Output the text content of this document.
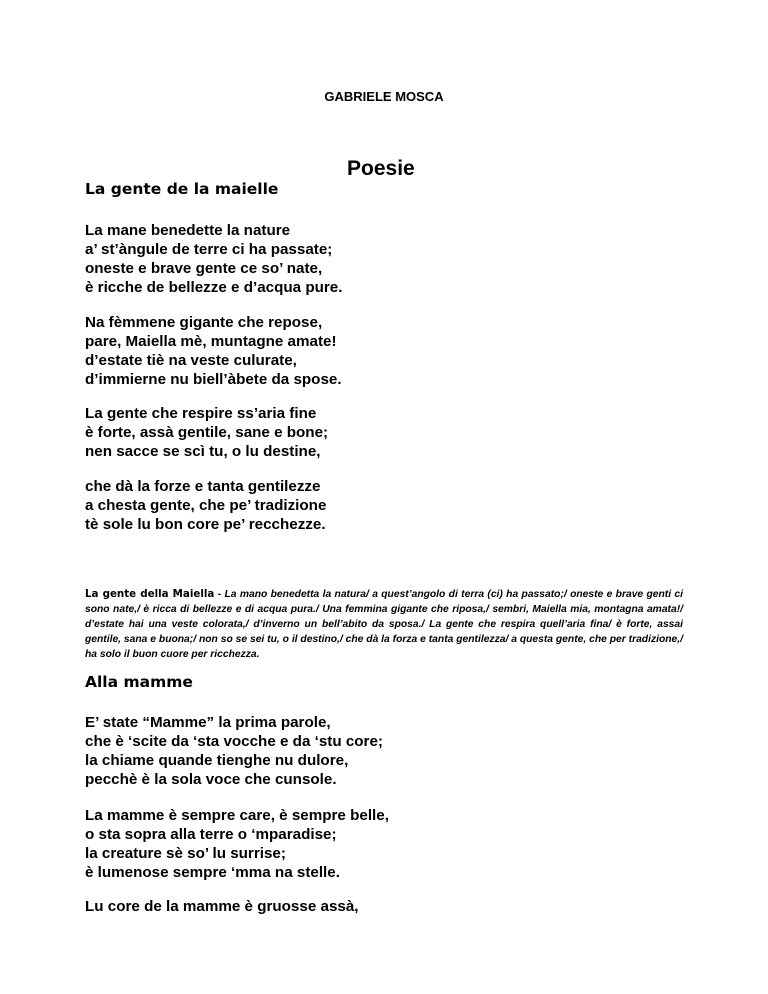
GABRIELE MOSCA
Poesie
La gente de la maielle
La mane benedette la nature
a’ st’àngule de terre ci ha passate;
oneste e brave gente ce so’ nate,
è ricche de bellezze e d’acqua pure.
Na fèmmene gigante che repose,
pare, Maiella mè, muntagne amate!
d’estate tiè na veste culurate,
d’immierne nu biell’àbete da spose.
La gente che respire ss’aria fine
è forte, assà gentile, sane e bone;
nen sacce se scì tu, o lu destine,
che dà la forze e tanta gentilezze
a chesta gente, che pe’ tradizione
tè sole lu bon core pe’ recchezze.
La gente della Maiella - La mano benedetta la natura/ a quest’angolo di terra (ci) ha passato;/ oneste e brave genti ci sono nate,/ è ricca di bellezze e di acqua pura./ Una femmina gigante che riposa,/ sembri, Maiella mia, montagna amata!/ d’estate hai una veste colorata,/ d’inverno un bell’abito da sposa./ La gente che respira quell’aria fina/ è forte, assai gentile, sana e buona;/ non so se sei tu, o il destino,/ che dà la forza e tanta gentilezza/ a questa gente, che per tradizione,/ ha solo il buon cuore per ricchezza.
Alla mamme
E’ state “Mamme” la prima parole,
che è ‘scite da ‘sta vocche e da ‘stu core;
la chiame quande tienghe nu dulore,
pecchè è la sola voce che cunsole.
La mamme è sempre care, è sempre belle,
o sta sopra alla terre o ‘mparadise;
la creature sè so’ lu surrise;
è lumenose sempre ‘mma na stelle.
Lu core de la mamme è gruosse assà,
